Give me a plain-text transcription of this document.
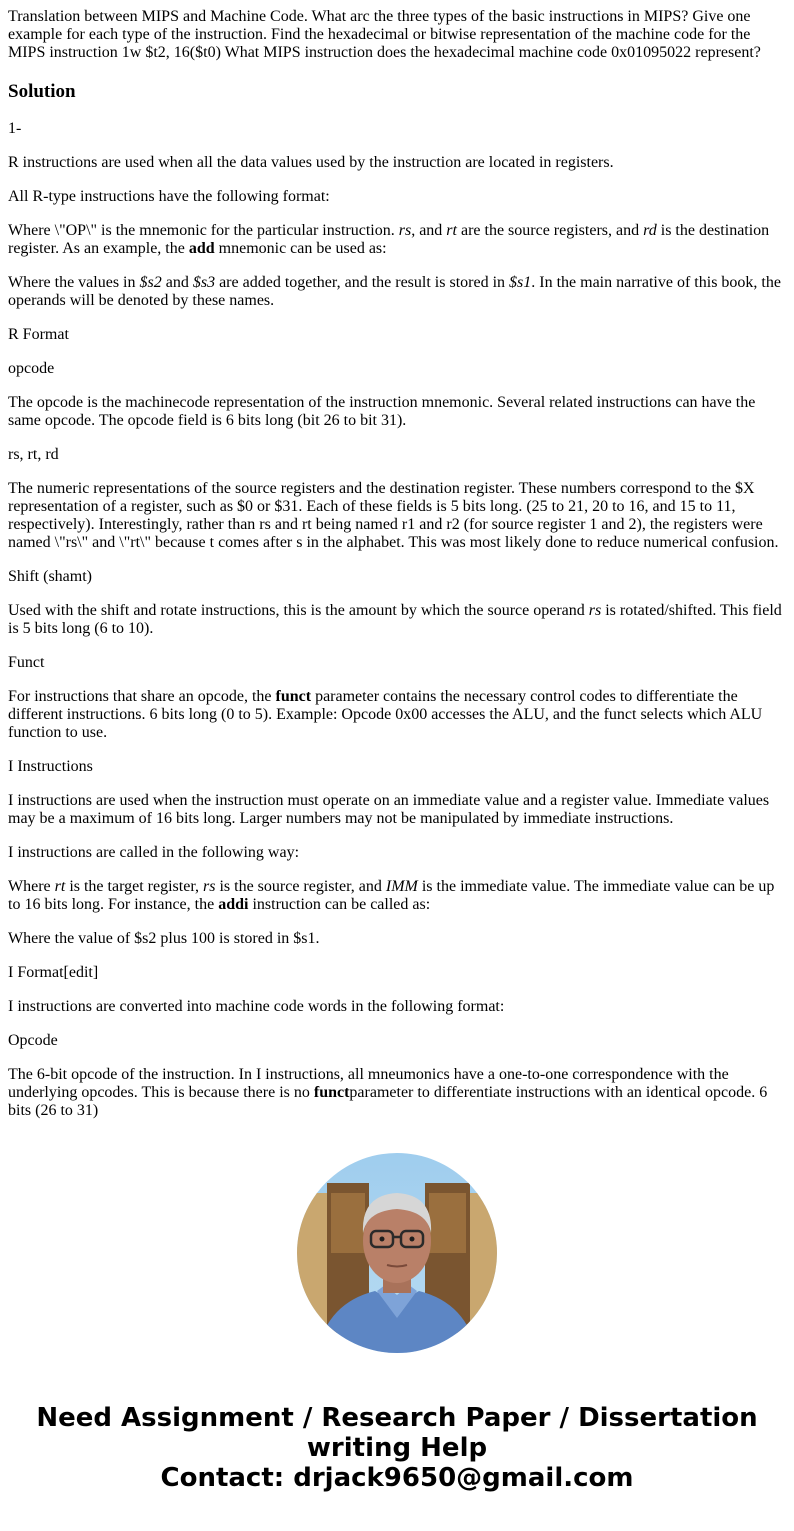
Translation between MIPS and Machine Code. What arc the three types of the basic instructions in MIPS? Give one example for each type of the instruction. Find the hexadecimal or bitwise representation of the machine code for the MIPS instruction 1w $t2, 16($t0) What MIPS instruction does the hexadecimal machine code 0x01095022 represent?
Solution

1-

R instructions are used when all the data values used by the instruction are located in registers.

All R-type instructions have the following format:

Where \"OP\" is the mnemonic for the particular instruction. rs, and rt are the source registers, and rd is the destination register. As an example, the add mnemonic can be used as:

Where the values in $s2 and $s3 are added together, and the result is stored in $s1. In the main narrative of this book, the operands will be denoted by these names.

R Format

opcode

The opcode is the machinecode representation of the instruction mnemonic. Several related instructions can have the same opcode. The opcode field is 6 bits long (bit 26 to bit 31).

rs, rt, rd

The numeric representations of the source registers and the destination register. These numbers correspond to the $X representation of a register, such as $0 or $31. Each of these fields is 5 bits long. (25 to 21, 20 to 16, and 15 to 11, respectively). Interestingly, rather than rs and rt being named r1 and r2 (for source register 1 and 2), the registers were named \"rs\" and \"rt\" because t comes after s in the alphabet. This was most likely done to reduce numerical confusion.

Shift (shamt)

Used with the shift and rotate instructions, this is the amount by which the source operand rs is rotated/shifted. This field is 5 bits long (6 to 10).

Funct

For instructions that share an opcode, the funct parameter contains the necessary control codes to differentiate the different instructions. 6 bits long (0 to 5). Example: Opcode 0x00 accesses the ALU, and the funct selects which ALU function to use.

I Instructions

I instructions are used when the instruction must operate on an immediate value and a register value. Immediate values may be a maximum of 16 bits long. Larger numbers may not be manipulated by immediate instructions.

I instructions are called in the following way:

Where rt is the target register, rs is the source register, and IMM is the immediate value. The immediate value can be up to 16 bits long. For instance, the addi instruction can be called as:

Where the value of $s2 plus 100 is stored in $s1.

I Format[edit]

I instructions are converted into machine code words in the following format:

Opcode

The 6-bit opcode of the instruction. In I instructions, all mneumonics have a one-to-one correspondence with the underlying opcodes. This is because there is no functparameter to differentiate instructions with an identical opcode. 6 bits (26 to 31)

Need Assignment / Research Paper / Dissertation writing Help
Contact: drjack9650@gmail.com
